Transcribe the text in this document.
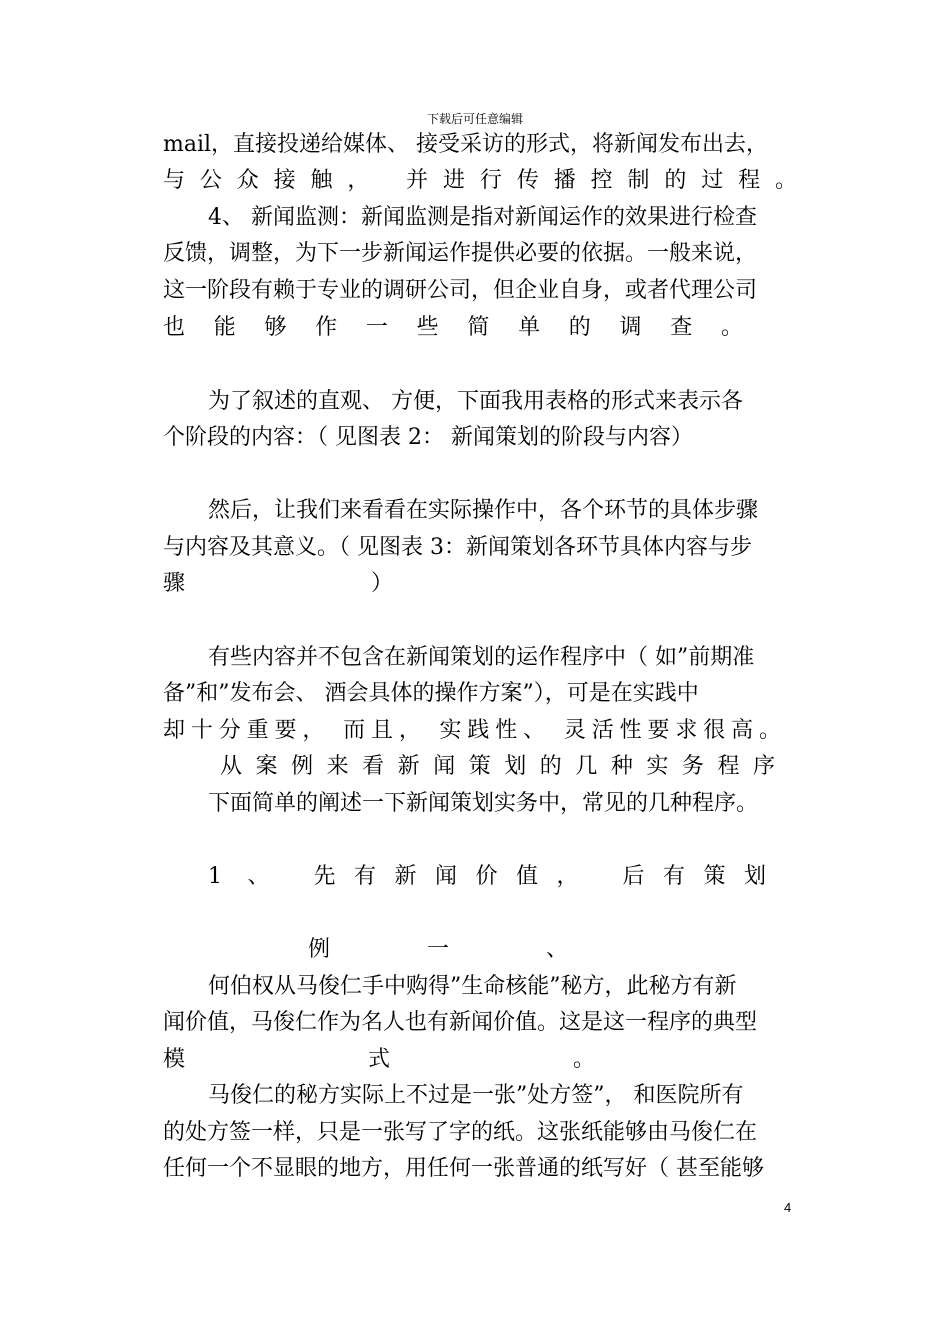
下载后可任意编辑
mail，直接投递给媒体、 接受采访的形式，将新闻发布出去，
与公众接触， 并进行传播控制的过程。
4、 新闻监测：新闻监测是指对新闻运作的效果进行检查
反馈，调整，为下一步新闻运作提供必要的依据。一般来说，
这一阶段有赖于专业的调研公司，但企业自身，或者代理公司
也能够作一些简单的调查。
为了叙述的直观、 方便，下面我用表格的形式来表示各
个阶段的内容：（ 见图表 2： 新闻策划的阶段与内容）
然后，让我们来看看在实际操作中，各个环节的具体步骤
与内容及其意义。（ 见图表 3：新闻策划各环节具体内容与步
骤 ）
有些内容并不包含在新闻策划的运作程序中（ 如”前期准
备”和”发布会、 酒会具体的操作方案”），可是在实践中
却十分重要， 而且， 实践性、 灵活性要求很高。
从案例来看新闻策划的几种实务程序
下面简单的阐述一下新闻策划实务中，常见的几种程序。
1 、 先有新闻价值， 后有策划
例 一 、
何伯权从马俊仁手中购得”生命核能”秘方，此秘方有新
闻价值，马俊仁作为名人也有新闻价值。这是这一程序的典型
模 式 。
马俊仁的秘方实际上不过是一张”处方签”， 和医院所有
的处方签一样，只是一张写了字的纸。这张纸能够由马俊仁在
任何一个不显眼的地方，用任何一张普通的纸写好（ 甚至能够
4
